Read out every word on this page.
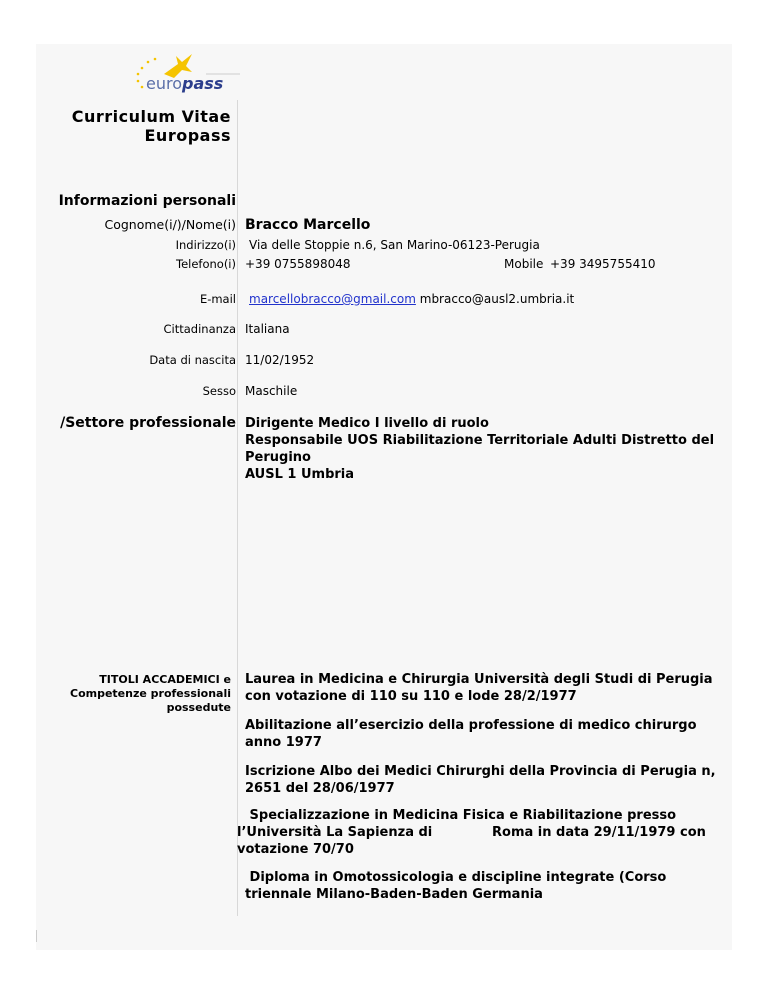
europass
Curriculum Vitae
Europass
Informazioni personali
Cognome(i/)/Nome(i) Bracco Marcello
Indirizzo(i) Via delle Stoppie n.6, San Marino-06123-Perugia
Telefono(i) +39 0755898048	Mobile +39 3495755410
E-mail marcellobracco@gmail.com mbracco@ausl2.umbria.it
Cittadinanza Italiana
Data di nascita 11/02/1952
Sesso Maschile
/Settore professionale Dirigente Medico I livello di ruolo
Responsabile UOS Riabilitazione Territoriale Adulti Distretto del
Perugino
AUSL 1 Umbria
TITOLI ACCADEMICI e
Competenze professionali
possedute
Laurea in Medicina e Chirurgia Università degli Studi di Perugia
con votazione di 110 su 110 e lode 28/2/1977
Abilitazione all’esercizio della professione di medico chirurgo
anno 1977
Iscrizione Albo dei Medici Chirurghi della Provincia di Perugia n,
2651 del 28/06/1977
Specializzazione in Medicina Fisica e Riabilitazione presso
l’Università La Sapienza di	Roma in data 29/11/1979 con
votazione 70/70
Diploma in Omotossicologia e discipline integrate (Corso
triennale Milano-Baden-Baden Germania
